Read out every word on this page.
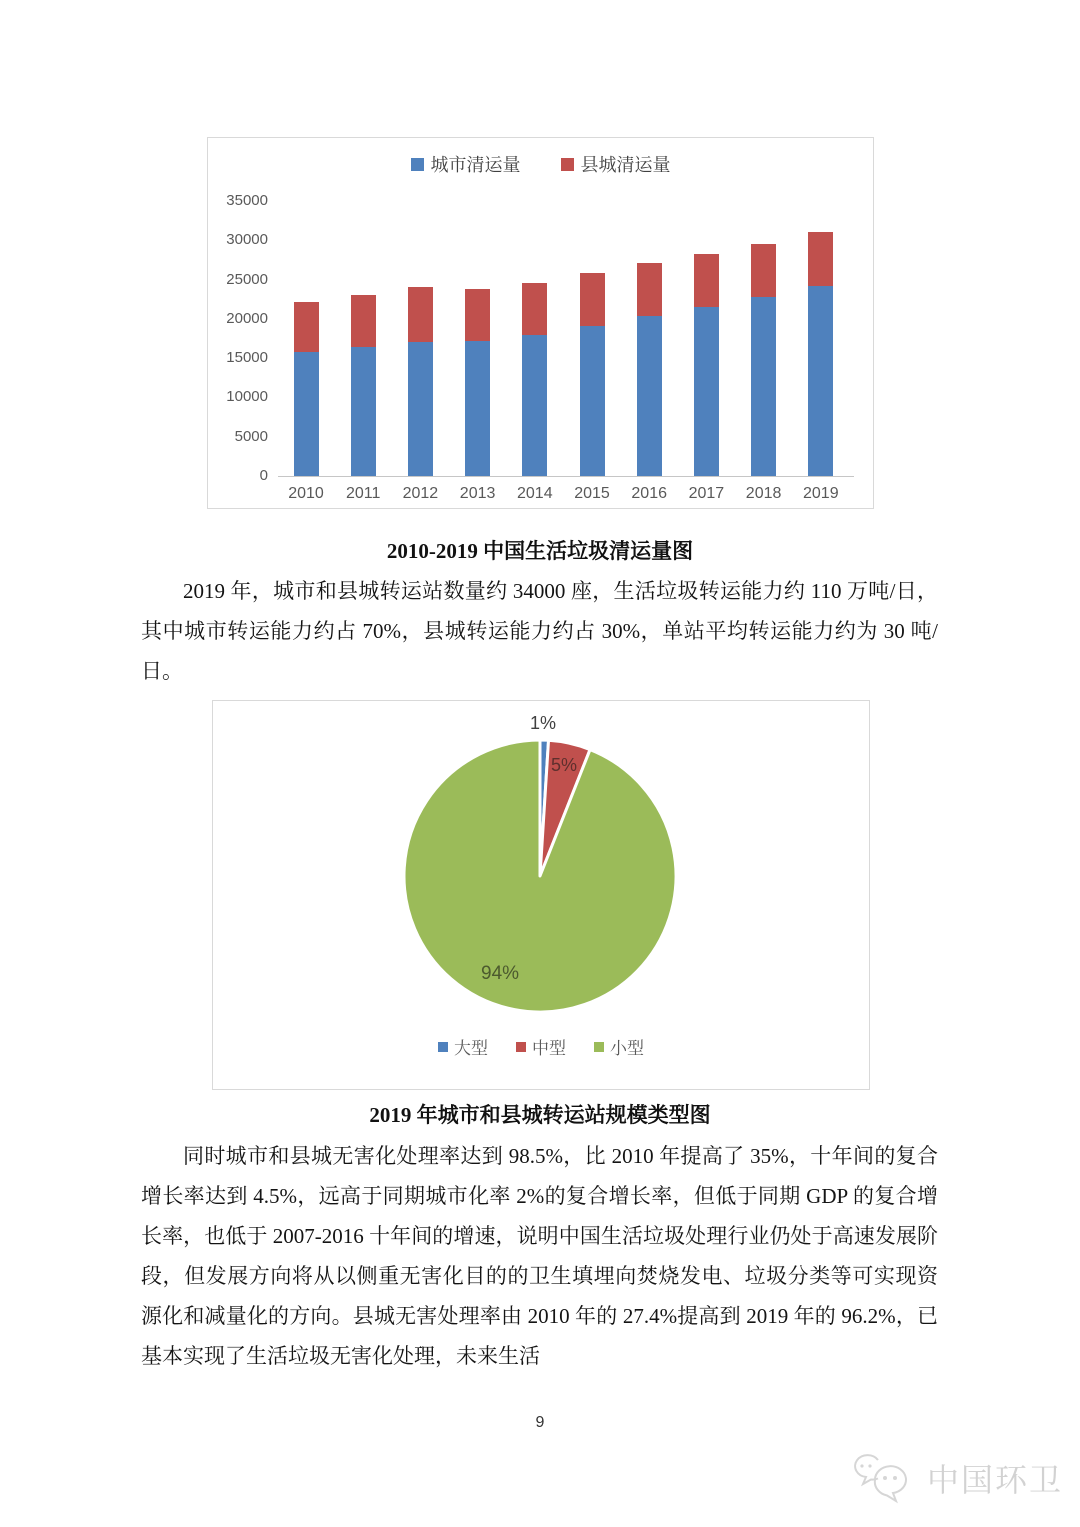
城市清运量	县城清运量
0
5000
10000
15000
20000
25000
30000
35000
2010	2011	2012	2013	2014	2015	2016	2017	2018	2019
2010-2019 中国生活垃圾清运量图

2019 年，城市和县城转运站数量约 34000 座，生活垃圾转运能力约 110 万吨/日，其中城市转运能力约占 70%，县城转运能力约占 30%，单站平均转运能力约为 30 吨/日。

1%
5%
94%
大型	中型	小型
2019 年城市和县城转运站规模类型图

同时城市和县城无害化处理率达到 98.5%，比 2010 年提高了 35%，十年间的复合增长率达到 4.5%，远高于同期城市化率 2%的复合增长率，但低于同期 GDP 的复合增长率，也低于 2007-2016 十年间的增速，说明中国生活垃圾处理行业仍处于高速发展阶段，但发展方向将从以侧重无害化目的的卫生填埋向焚烧发电、垃圾分类等可实现资源化和减量化的方向。县城无害处理率由 2010 年的 27.4%提高到 2019 年的 96.2%，已基本实现了生活垃圾无害化处理，未来生活

9
中国环卫
